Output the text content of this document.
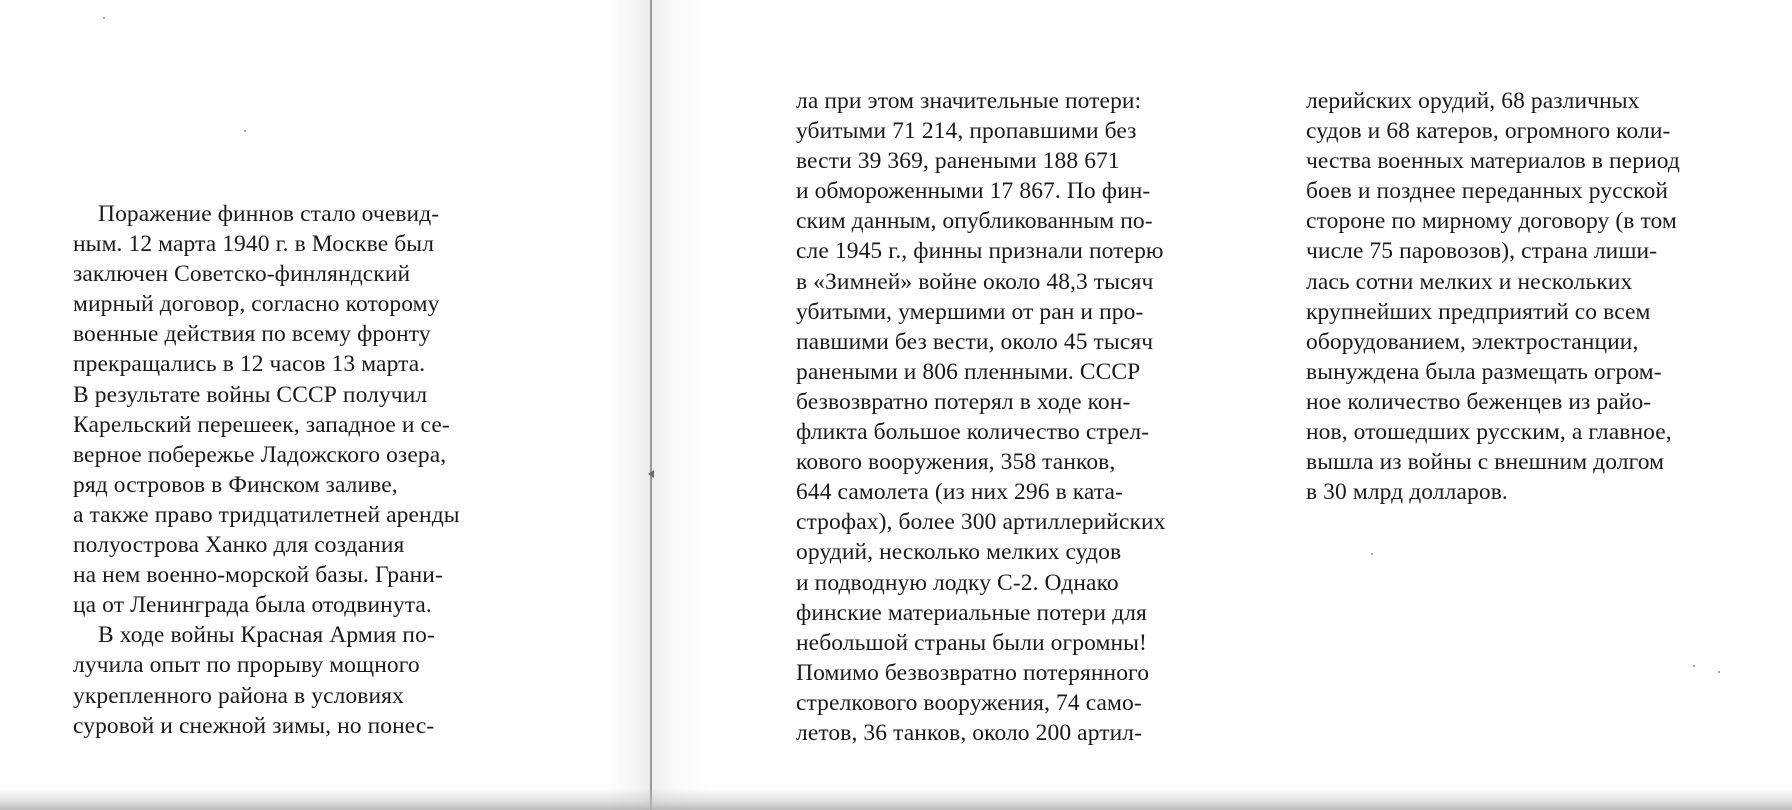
Поражение финнов стало очевид-
ным. 12 марта 1940 г. в Москве был
заключен Советско-финляндский
мирный договор, согласно которому
военные действия по всему фронту
прекращались в 12 часов 13 марта.
В результате войны СССР получил
Карельский перешеек, западное и се-
верное побережье Ладожского озера,
ряд островов в Финском заливе,
а также право тридцатилетней аренды
полуострова Ханко для создания
на нем военно-морской базы. Грани-
ца от Ленинграда была отодвинута.
В ходе войны Красная Армия по-
лучила опыт по прорыву мощного
укрепленного района в условиях
суровой и снежной зимы, но понес-
ла при этом значительные потери:
убитыми 71 214, пропавшими без
вести 39 369, ранеными 188 671
и обмороженными 17 867. По фин-
ским данным, опубликованным по-
сле 1945 г., финны признали потерю
в «Зимней» войне около 48,3 тысяч
убитыми, умершими от ран и про-
павшими без вести, около 45 тысяч
ранеными и 806 пленными. СССР
безвозвратно потерял в ходе кон-
фликта большое количество стрел-
кового вооружения, 358 танков,
644 самолета (из них 296 в ката-
строфах), более 300 артиллерийских
орудий, несколько мелких судов
и подводную лодку С-2. Однако
финские материальные потери для
небольшой страны были огромны!
Помимо безвозвратно потерянного
стрелкового вооружения, 74 само-
летов, 36 танков, около 200 артил-
лерийских орудий, 68 различных
судов и 68 катеров, огромного коли-
чества военных материалов в период
боев и позднее переданных русской
стороне по мирному договору (в том
числе 75 паровозов), страна лиши-
лась сотни мелких и нескольких
крупнейших предприятий со всем
оборудованием, электростанции,
вынуждена была размещать огром-
ное количество беженцев из райо-
нов, отошедших русским, а главное,
вышла из войны с внешним долгом
в 30 млрд долларов.
